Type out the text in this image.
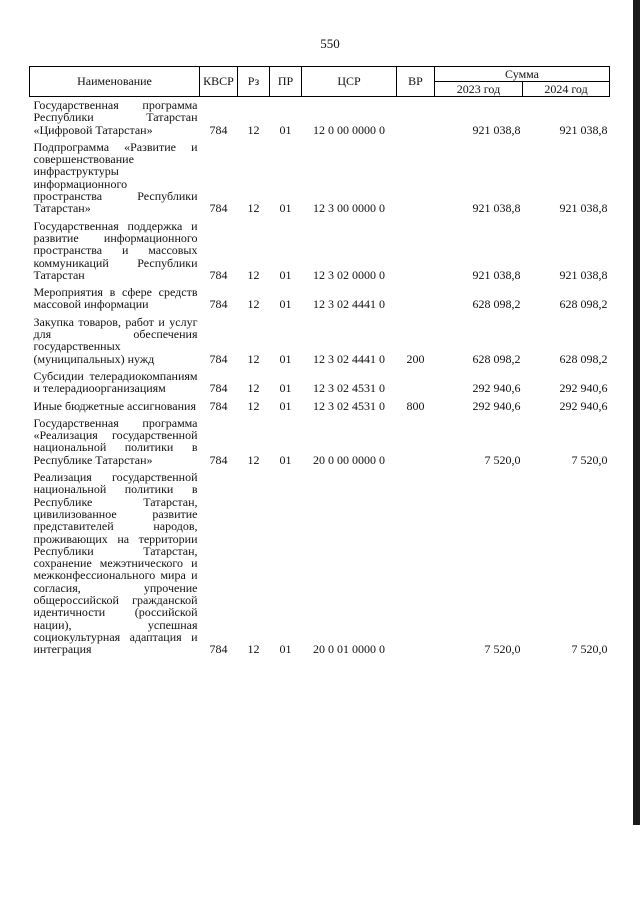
550
Наименование	КВСР	Рз	ПР	ЦСР	ВР	Сумма	
						2023 год	2024 год
Государственная программа Республики Татарстан «Цифровой Татарстан»	784	12	01	12 0 00 0000 0		921 038,8	921 038,8
Подпрограмма «Развитие и совершенствование инфраструктуры информационного пространства Республики Татарстан»	784	12	01	12 3 00 0000 0		921 038,8	921 038,8
Государственная поддержка и развитие информационного пространства и массовых коммуникаций Республики Татарстан	784	12	01	12 3 02 0000 0		921 038,8	921 038,8
Мероприятия в сфере средств массовой информации	784	12	01	12 3 02 4441 0		628 098,2	628 098,2
Закупка товаров, работ и услуг для обеспечения государственных (муниципальных) нужд	784	12	01	12 3 02 4441 0	200	628 098,2	628 098,2
Субсидии телерадиокомпаниям и телерадиоорганизациям	784	12	01	12 3 02 4531 0		292 940,6	292 940,6
Иные бюджетные ассигнования	784	12	01	12 3 02 4531 0	800	292 940,6	292 940,6
Государственная программа «Реализация государственной национальной политики в Республике Татарстан»	784	12	01	20 0 00 0000 0		7 520,0	7 520,0
Реализация государственной национальной политики в Республике Татарстан, цивилизованное развитие представителей народов, проживающих на территории Республики Татарстан, сохранение межэтнического и межконфессионального мира и согласия, упрочение общероссийской гражданской идентичности (российской нации), успешная социокультурная адаптация и интеграция	784	12	01	20 0 01 0000 0		7 520,0	7 520,0
